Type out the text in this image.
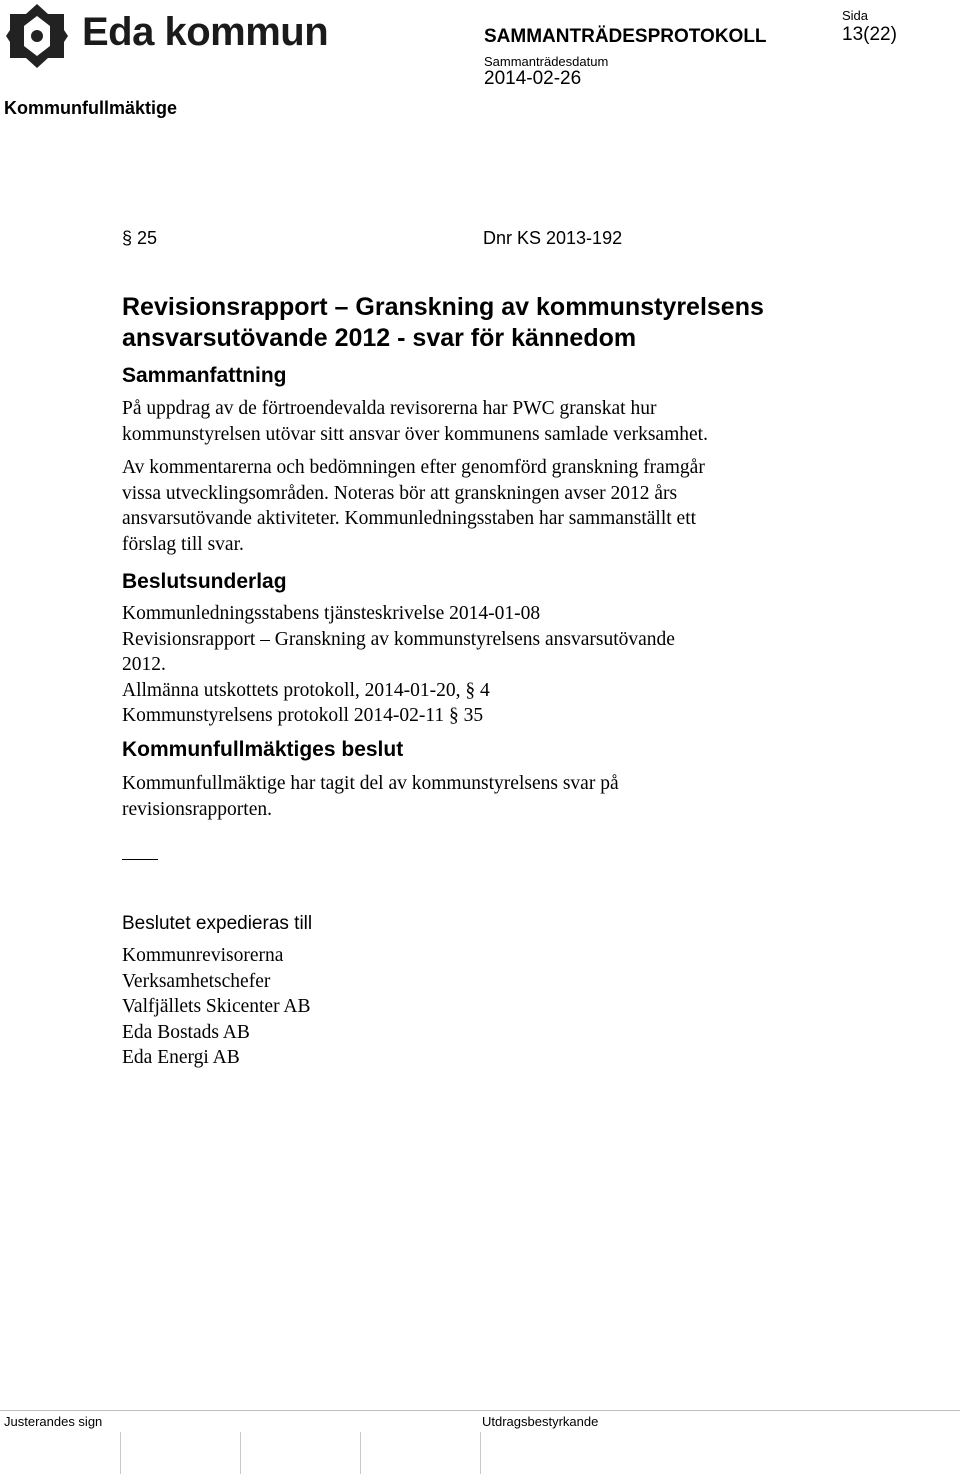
Eda kommun
Kommunfullmäktige
SAMMANTRÄDESPROTOKOLL
Sammanträdesdatum
2014-02-26
Sida
13(22)
§ 25	Dnr KS 2013-192
Revisionsrapport – Granskning av kommunstyrelsens
ansvarsutövande 2012 - svar för kännedom
Sammanfattning
På uppdrag av de förtroendevalda revisorerna har PWC granskat hur
kommunstyrelsen utövar sitt ansvar över kommunens samlade verksamhet.
Av kommentarerna och bedömningen efter genomförd granskning framgår
vissa utvecklingsområden. Noteras bör att granskningen avser 2012 års
ansvarsutövande aktiviteter. Kommunledningsstaben har sammanställt ett
förslag till svar.
Beslutsunderlag
Kommunledningsstabens tjänsteskrivelse 2014-01-08
Revisionsrapport – Granskning av kommunstyrelsens ansvarsutövande
2012.
Allmänna utskottets protokoll, 2014-01-20, § 4
Kommunstyrelsens protokoll 2014-02-11 § 35
Kommunfullmäktiges beslut
Kommunfullmäktige har tagit del av kommunstyrelsens svar på
revisionsrapporten.
Beslutet expedieras till
Kommunrevisorerna
Verksamhetschefer
Valfjällets Skicenter AB
Eda Bostads AB
Eda Energi AB
Justerandes sign	Utdragsbestyrkande
